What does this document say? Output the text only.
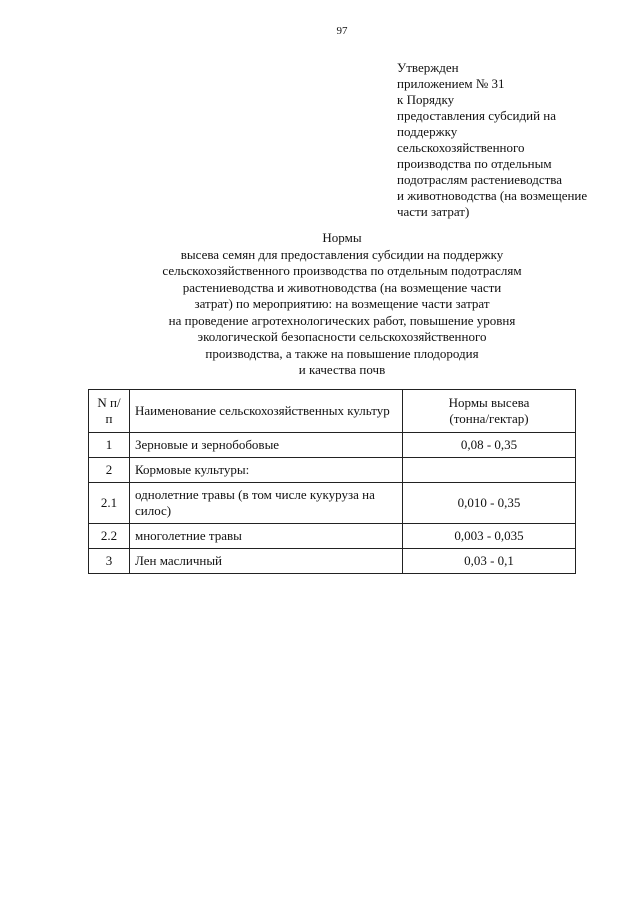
97
Утвержден
приложением № 31
к Порядку
предоставления субсидий на
поддержку
сельскохозяйственного
производства по отдельным
подотраслям растениеводства
и животноводства (на возмещение
части затрат)
Нормы
высева семян для предоставления субсидии на поддержку
сельскохозяйственного производства по отдельным подотраслям
растениеводства и животноводства (на возмещение части
затрат) по мероприятию: на возмещение части затрат
на проведение агротехнологических работ, повышение уровня
экологической безопасности сельскохозяйственного
производства, а также на повышение плодородия
и качества почв
N п/п	Наименование сельскохозяйственных культур	Нормы высева
(тонна/гектар)

1	Зерновые и зернобобовые	0,08 - 0,35
2	Кормовые культуры:	
2.1	однолетние травы (в том числе кукуруза на силос)	0,010 - 0,35
2.2	многолетние травы	0,003 - 0,035
3	Лен масличный	0,03 - 0,1
